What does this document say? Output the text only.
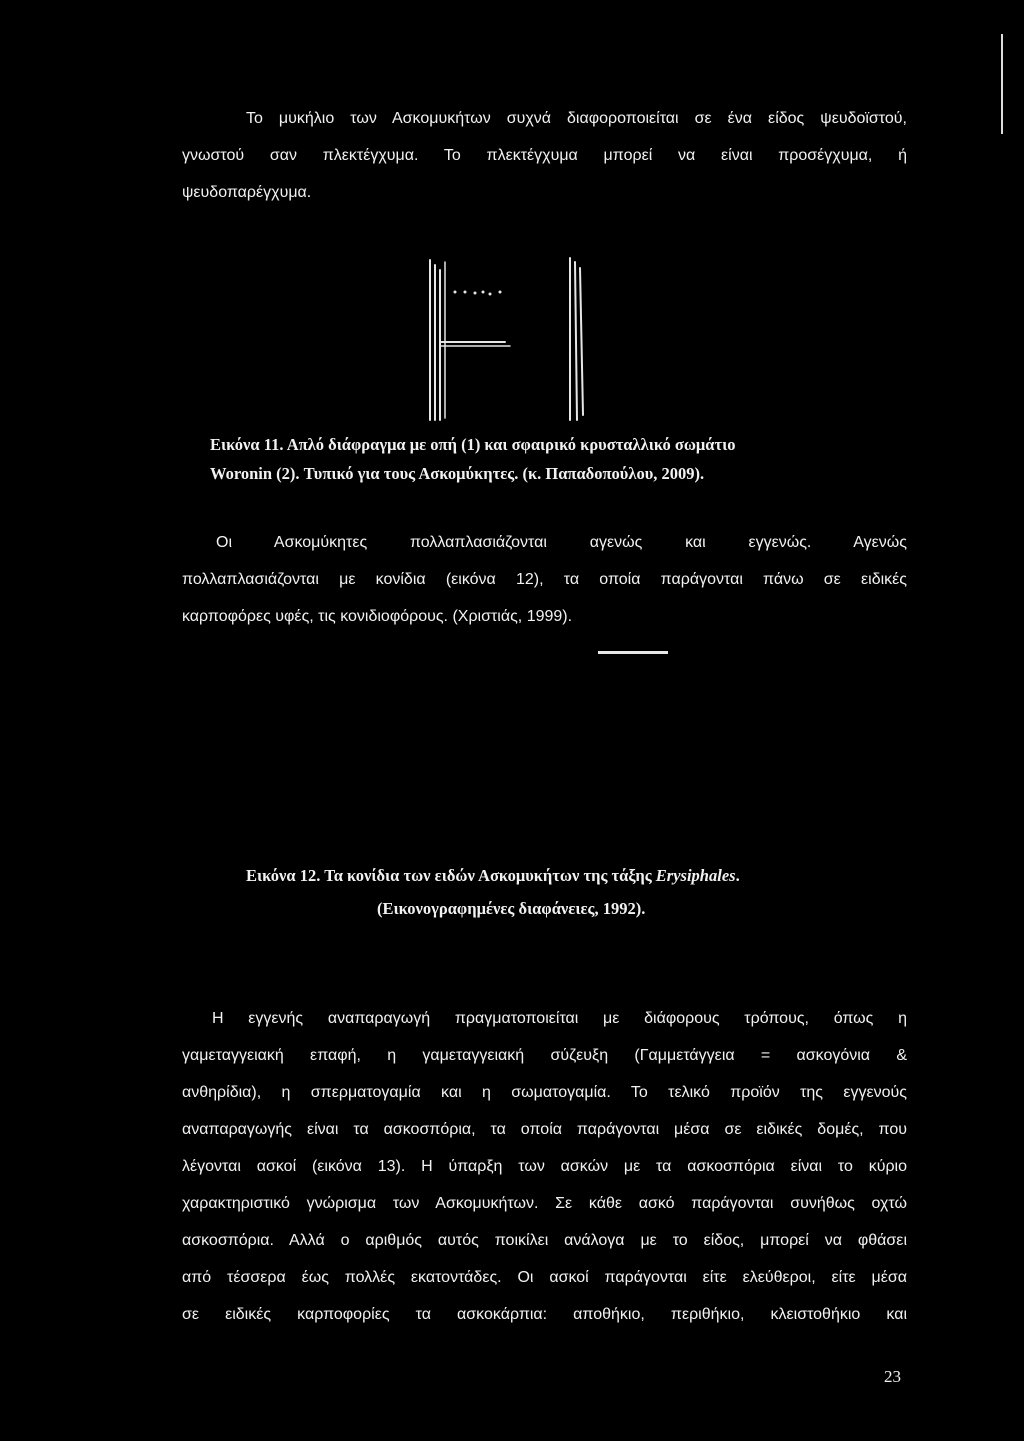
Το μυκήλιο των Ασκομυκήτων συχνά διαφοροποιείται σε ένα είδος ψευδοϊστού,
γνωστού σαν πλεκτέγχυμα. Το πλεκτέγχυμα μπορεί να είναι προσέγχυμα, ή
ψευδοπαρέγχυμα.
Εικόνα 11. Απλό διάφραγμα με οπή (1) και σφαιρικό κρυσταλλικό σωμάτιο
Woronin (2). Τυπικό για τους Ασκομύκητες. (κ. Παπαδοπούλου, 2009).
Οι Ασκομύκητες πολλαπλασιάζονται αγενώς και εγγενώς. Αγενώς
πολλαπλασιάζονται με κονίδια (εικόνα 12), τα οποία παράγονται πάνω σε ειδικές
καρποφόρες υφές, τις κονιδιοφόρους. (Χριστιάς, 1999).
Εικόνα 12. Τα κονίδια των ειδών Ασκομυκήτων της τάξης Erysiphales.
(Εικονογραφημένες διαφάνειες, 1992).
Η εγγενής αναπαραγωγή πραγματοποιείται με διάφορους τρόπους, όπως η
γαμεταγγειακή επαφή, η γαμεταγγειακή σύζευξη (Γαμμετάγγεια = ασκογόνια &
ανθηρίδια), η σπερματογαμία και η σωματογαμία. Το τελικό προϊόν της εγγενούς
αναπαραγωγής είναι τα ασκοσπόρια, τα οποία παράγονται μέσα σε ειδικές δομές, που
λέγονται ασκοί (εικόνα 13). Η ύπαρξη των ασκών με τα ασκοσπόρια είναι το κύριο
χαρακτηριστικό γνώρισμα των Ασκομυκήτων. Σε κάθε ασκό παράγονται συνήθως οχτώ
ασκοσπόρια. Αλλά ο αριθμός αυτός ποικίλει ανάλογα με το είδος, μπορεί να φθάσει
από τέσσερα έως πολλές εκατοντάδες. Οι ασκοί παράγονται είτε ελεύθεροι, είτε μέσα
σε ειδικές καρποφορίες τα ασκοκάρπια: αποθήκιο, περιθήκιο, κλειστοθήκιο και
23
